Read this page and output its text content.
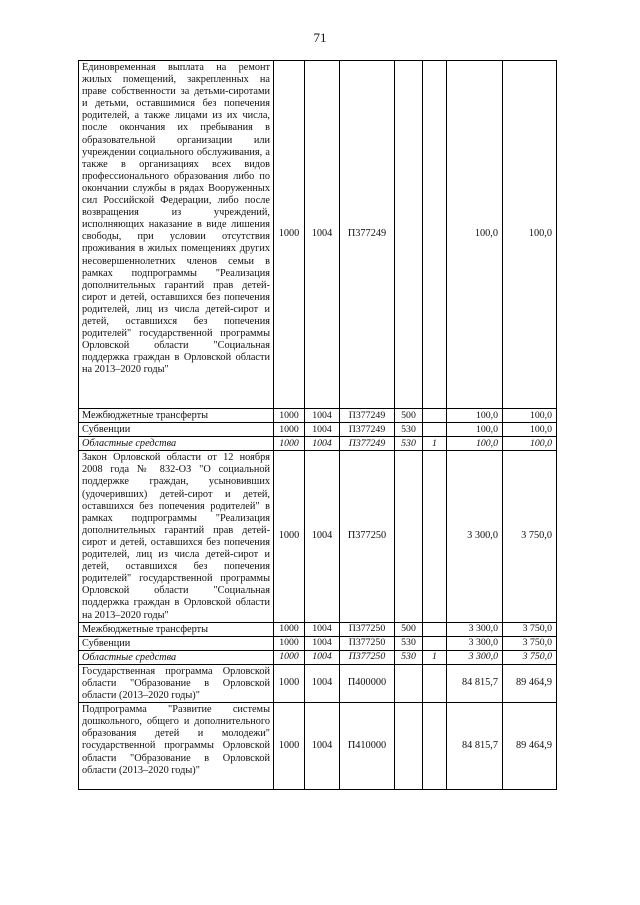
71
Единовременная выплата на ремонт жилых помещений, закрепленных на праве собственности за детьми-сиротами и детьми, оставшимися без попечения родителей, а также лицами из их числа, после окончания их пребывания в образовательной организации или учреждении социального обслуживания, а также в организациях всех видов профессионального образования либо по окончании службы в рядах Вооруженных сил Российской Федерации, либо после возвращения из учреждений, исполняющих наказание в виде лишения свободы, при условии отсутствия проживания в жилых помещениях других несовершеннолетних членов семьи в рамках подпрограммы "Реализация дополнительных гарантий прав детей-сирот и детей, оставшихся без попечения родителей, лиц из числа детей-сирот и детей, оставшихся без попечения родителей" государственной программы Орловской области "Социальная поддержка граждан в Орловской области на 2013–2020 годы"	1000	1004	П377249			100,0	100,0
Межбюджетные трансферты	1000	1004	П377249	500		100,0	100,0
Субвенции	1000	1004	П377249	530		100,0	100,0
Областные средства	1000	1004	П377249	530	1	100,0	100,0
Закон Орловской области от 12 ноября 2008 года № 832-ОЗ "О социальной поддержке граждан, усыновивших (удочеривших) детей-сирот и детей, оставшихся без попечения родителей" в рамках подпрограммы "Реализация дополнительных гарантий прав детей-сирот и детей, оставшихся без попечения родителей, лиц из числа детей-сирот и детей, оставшихся без попечения родителей" государственной программы Орловской области "Социальная поддержка граждан в Орловской области на 2013–2020 годы"	1000	1004	П377250			3 300,0	3 750,0
Межбюджетные трансферты	1000	1004	П377250	500		3 300,0	3 750,0
Субвенции	1000	1004	П377250	530		3 300,0	3 750,0
Областные средства	1000	1004	П377250	530	1	3 300,0	3 750,0
Государственная программа Орловской области "Образование в Орловской области (2013–2020 годы)"	1000	1004	П400000			84 815,7	89 464,9
Подпрограмма "Развитие системы дошкольного, общего и дополнительного образования детей и молодежи" государственной программы Орловской области "Образование в Орловской области (2013–2020 годы)"	1000	1004	П410000			84 815,7	89 464,9
